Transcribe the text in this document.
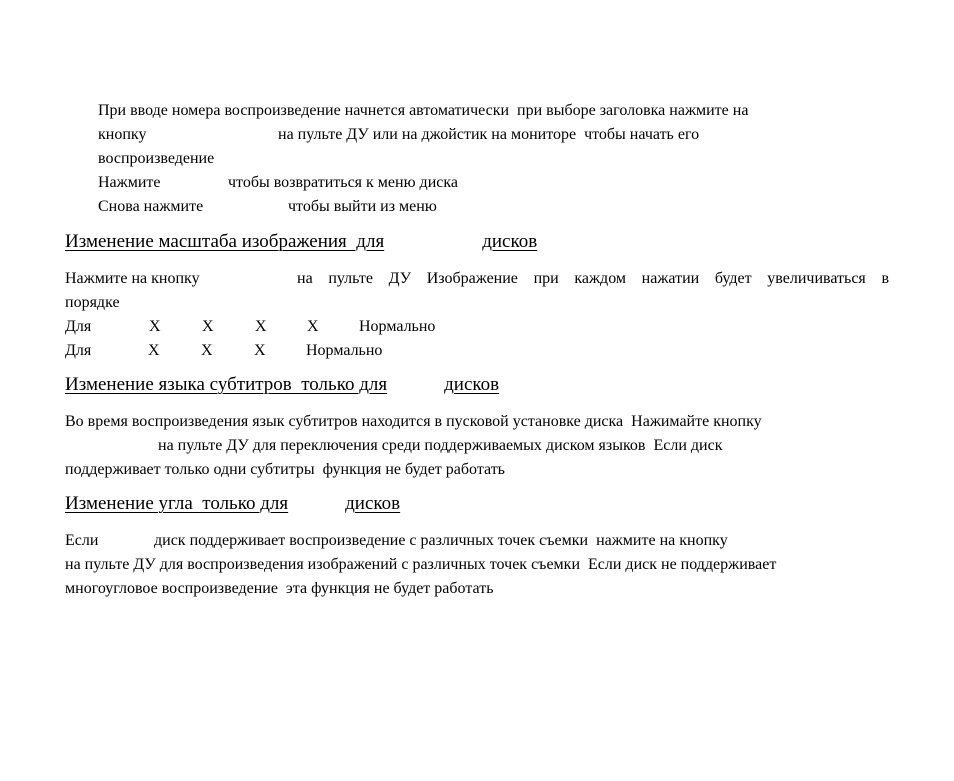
При вводе номера воспроизведение начнется автоматически  при выборе заголовка нажмите на
кнопку	на пульте ДУ или на джойстик на мониторе  чтобы начать его
воспроизведение
Нажмите	чтобы возвратиться к меню диска
Снова нажмите	чтобы выйти из меню
Изменение масштаба изображения  для	дисков
Нажмите на кнопку	на пульте ДУ Изображение при каждом нажатии будет увеличиваться в
порядке
Для	X	X	X	X	Нормально
Для	X	X	X	Нормально
Изменение языка субтитров  только для	дисков
Во время воспроизведения язык субтитров находится в пусковой установке диска  Нажимайте кнопку
на пульте ДУ для переключения среди поддерживаемых диском языков  Если диск
поддерживает только одни субтитры  функция не будет работать
Изменение угла  только для	дисков
Если	диск поддерживает воспроизведение с различных точек съемки  нажмите на кнопку
на пульте ДУ для воспроизведения изображений с различных точек съемки  Если диск не поддерживает
многоугловое воспроизведение  эта функция не будет работать
